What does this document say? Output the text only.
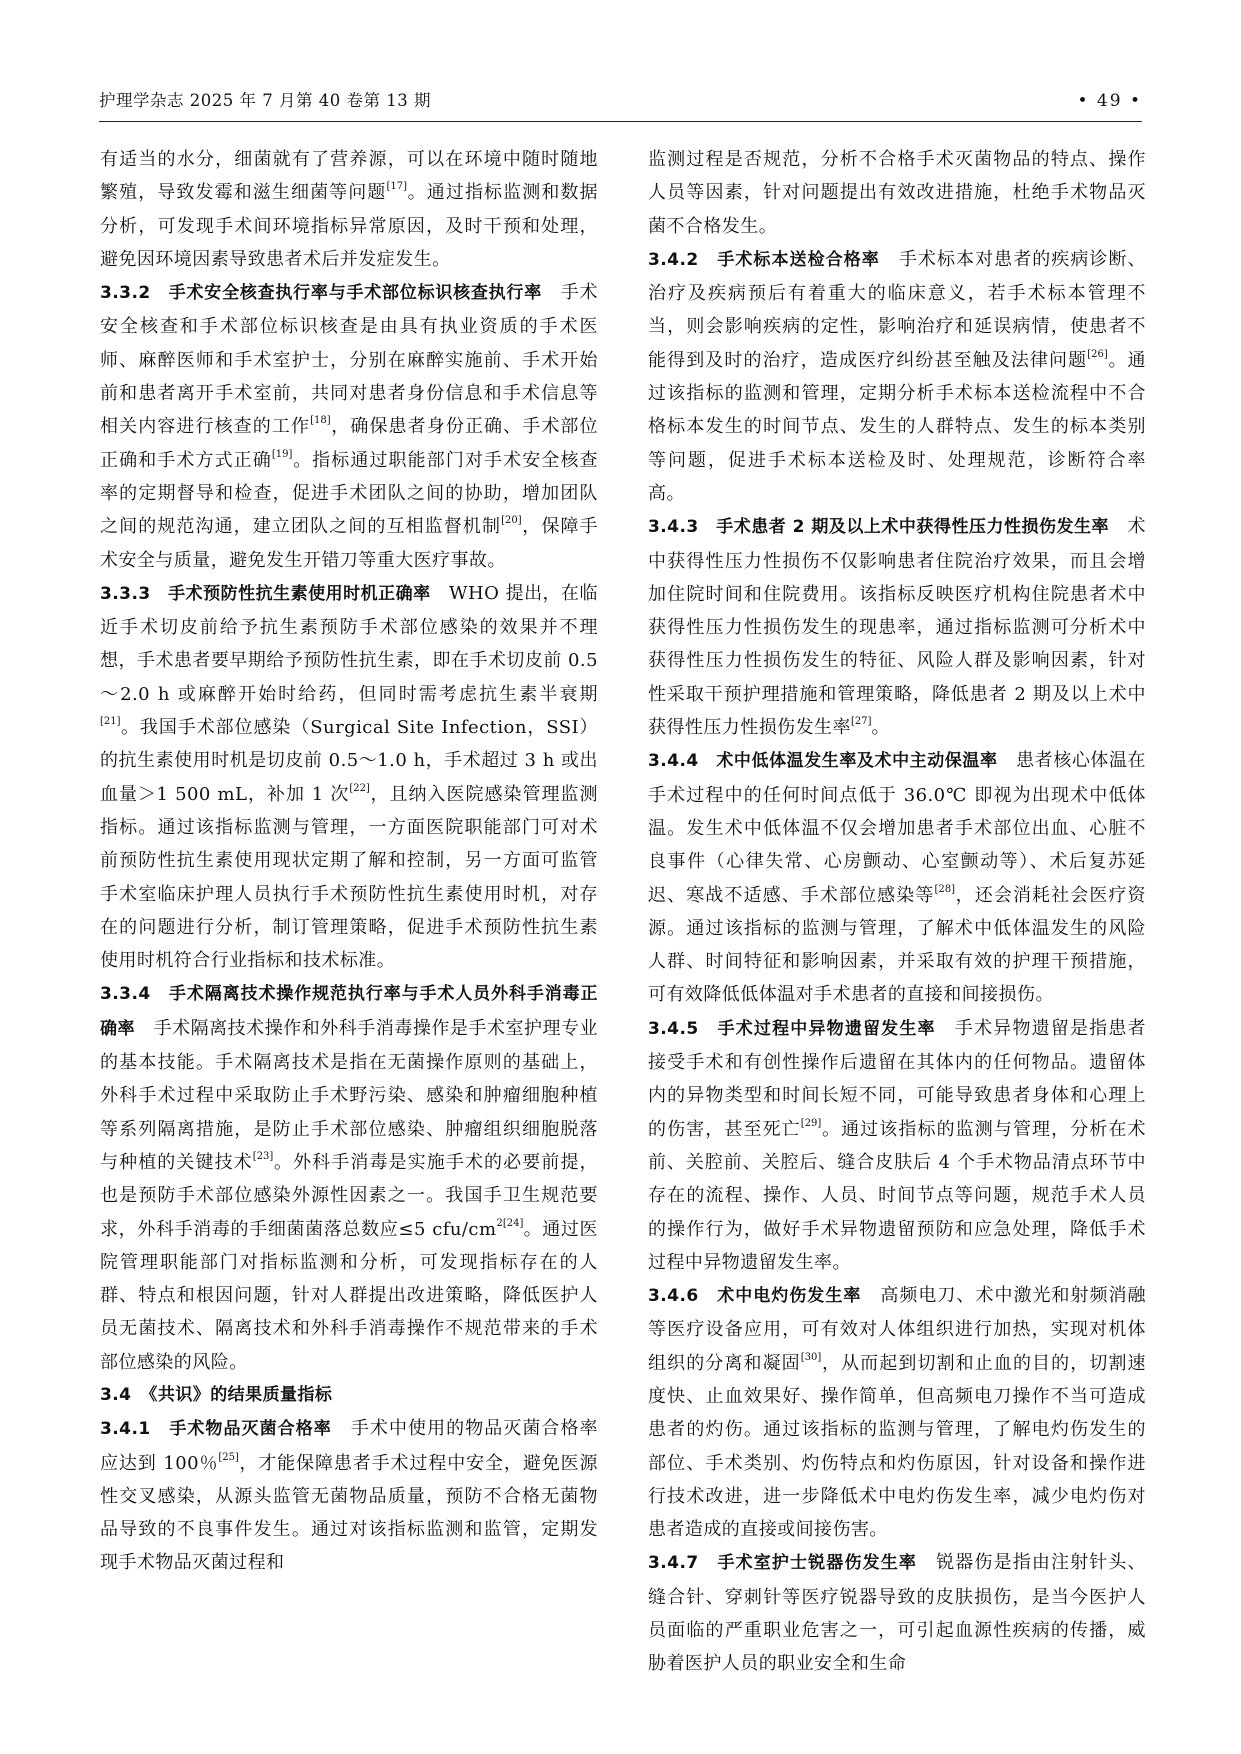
护理学杂志 2025 年 7 月第 40 卷第 13 期	• 49 •

有适当的水分，细菌就有了营养源，可以在环境中随时随地繁殖，导致发霉和滋生细菌等问题[17]。通过指标监测和数据分析，可发现手术间环境指标异常原因，及时干预和处理，避免因环境因素导致患者术后并发症发生。

3.3.2　手术安全核查执行率与手术部位标识核查执行率　手术安全核查和手术部位标识核查是由具有执业资质的手术医师、麻醉医师和手术室护士，分别在麻醉实施前、手术开始前和患者离开手术室前，共同对患者身份信息和手术信息等相关内容进行核查的工作[18]，确保患者身份正确、手术部位正确和手术方式正确[19]。指标通过职能部门对手术安全核查率的定期督导和检查，促进手术团队之间的协助，增加团队之间的规范沟通，建立团队之间的互相监督机制[20]，保障手术安全与质量，避免发生开错刀等重大医疗事故。

3.3.3　手术预防性抗生素使用时机正确率　WHO 提出，在临近手术切皮前给予抗生素预防手术部位感染的效果并不理想，手术患者要早期给予预防性抗生素，即在手术切皮前 0.5～2.0 h 或麻醉开始时给药，但同时需考虑抗生素半衰期[21]。我国手术部位感染（Surgical Site Infection，SSI）的抗生素使用时机是切皮前 0.5～1.0 h，手术超过 3 h 或出血量＞1 500 mL，补加 1 次[22]，且纳入医院感染管理监测指标。通过该指标监测与管理，一方面医院职能部门可对术前预防性抗生素使用现状定期了解和控制，另一方面可监管手术室临床护理人员执行手术预防性抗生素使用时机，对存在的问题进行分析，制订管理策略，促进手术预防性抗生素使用时机符合行业指标和技术标准。

3.3.4　手术隔离技术操作规范执行率与手术人员外科手消毒正确率　手术隔离技术操作和外科手消毒操作是手术室护理专业的基本技能。手术隔离技术是指在无菌操作原则的基础上，外科手术过程中采取防止手术野污染、感染和肿瘤细胞种植等系列隔离措施，是防止手术部位感染、肿瘤组织细胞脱落与种植的关键技术[23]。外科手消毒是实施手术的必要前提，也是预防手术部位感染外源性因素之一。我国手卫生规范要求，外科手消毒的手细菌菌落总数应≤5 cfu/cm$^{2[24]}$。通过医院管理职能部门对指标监测和分析，可发现指标存在的人群、特点和根因问题，针对人群提出改进策略，降低医护人员无菌技术、隔离技术和外科手消毒操作不规范带来的手术部位感染的风险。

3.4　《共识》的结果质量指标

3.4.1　手术物品灭菌合格率　手术中使用的物品灭菌合格率应达到 100％[25]，才能保障患者手术过程中安全，避免医源性交叉感染，从源头监管无菌物品质量，预防不合格无菌物品导致的不良事件发生。通过对该指标监测和监管，定期发现手术物品灭菌过程和

监测过程是否规范，分析不合格手术灭菌物品的特点、操作人员等因素，针对问题提出有效改进措施，杜绝手术物品灭菌不合格发生。

3.4.2　手术标本送检合格率　手术标本对患者的疾病诊断、治疗及疾病预后有着重大的临床意义，若手术标本管理不当，则会影响疾病的定性，影响治疗和延误病情，使患者不能得到及时的治疗，造成医疗纠纷甚至触及法律问题[26]。通过该指标的监测和管理，定期分析手术标本送检流程中不合格标本发生的时间节点、发生的人群特点、发生的标本类别等问题，促进手术标本送检及时、处理规范，诊断符合率高。

3.4.3　手术患者 2 期及以上术中获得性压力性损伤发生率　术中获得性压力性损伤不仅影响患者住院治疗效果，而且会增加住院时间和住院费用。该指标反映医疗机构住院患者术中获得性压力性损伤发生的现患率，通过指标监测可分析术中获得性压力性损伤发生的特征、风险人群及影响因素，针对性采取干预护理措施和管理策略，降低患者 2 期及以上术中获得性压力性损伤发生率[27]。

3.4.4　术中低体温发生率及术中主动保温率　患者核心体温在手术过程中的任何时间点低于 36.0℃ 即视为出现术中低体温。发生术中低体温不仅会增加患者手术部位出血、心脏不良事件（心律失常、心房颤动、心室颤动等）、术后复苏延迟、寒战不适感、手术部位感染等[28]，还会消耗社会医疗资源。通过该指标的监测与管理，了解术中低体温发生的风险人群、时间特征和影响因素，并采取有效的护理干预措施，可有效降低低体温对手术患者的直接和间接损伤。

3.4.5　手术过程中异物遗留发生率　手术异物遗留是指患者接受手术和有创性操作后遗留在其体内的任何物品。遗留体内的异物类型和时间长短不同，可能导致患者身体和心理上的伤害，甚至死亡[29]。通过该指标的监测与管理，分析在术前、关腔前、关腔后、缝合皮肤后 4 个手术物品清点环节中存在的流程、操作、人员、时间节点等问题，规范手术人员的操作行为，做好手术异物遗留预防和应急处理，降低手术过程中异物遗留发生率。

3.4.6　术中电灼伤发生率　高频电刀、术中激光和射频消融等医疗设备应用，可有效对人体组织进行加热，实现对机体组织的分离和凝固[30]，从而起到切割和止血的目的，切割速度快、止血效果好、操作简单，但高频电刀操作不当可造成患者的灼伤。通过该指标的监测与管理，了解电灼伤发生的部位、手术类别、灼伤特点和灼伤原因，针对设备和操作进行技术改进，进一步降低术中电灼伤发生率，减少电灼伤对患者造成的直接或间接伤害。

3.4.7　手术室护士锐器伤发生率　锐器伤是指由注射针头、缝合针、穿刺针等医疗锐器导致的皮肤损伤，是当今医护人员面临的严重职业危害之一，可引起血源性疾病的传播，威胁着医护人员的职业安全和生命
